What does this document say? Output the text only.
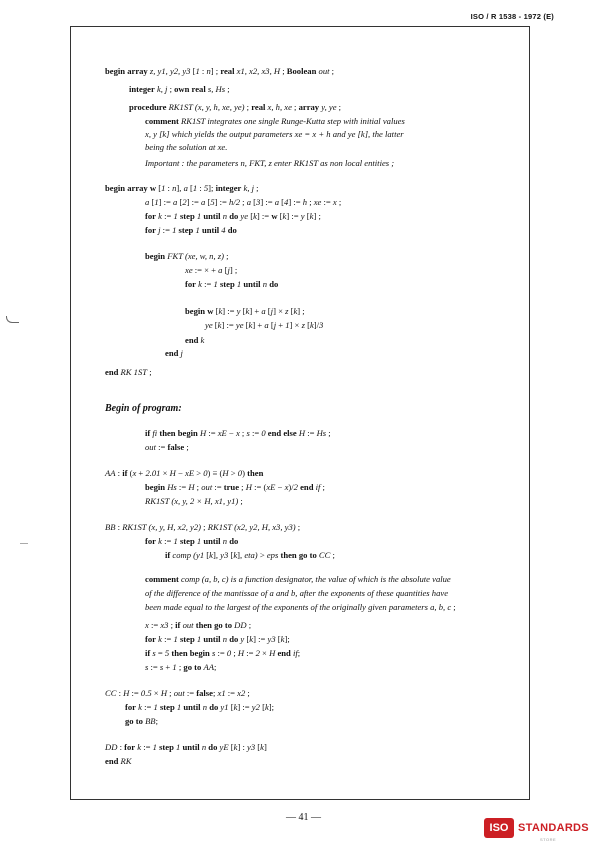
ISO / R 1538 - 1972 (E)
Begin of program:
begin array z, y1, y2, y3 [1 : n] ; real x1, x2, x3, H ; Boolean out ;
integer k, j ; own real s, Hs ;
procedure RK1ST (x, y, h, xe, ye) ; real x, h, xe ; array y, ye ;
comment RK1ST integrates one single Runge-Kutta step with initial values
x, y [k] which yields the output parameters xe = x + h and ye [k], the latter
being the solution at xe.
Important : the parameters n, FKT, z enter RK1ST as non local entities ;
begin array w [1 : n], a [1 : 5]; integer k, j ;
a [1] := a [2] := a [5] := h/2 ; a [3] := a [4] := h ; xe := x ;
for k := 1 step 1 until n do ye [k] := w [k] := y [k] ;
for j := 1 step 1 until 4 do
begin FKT (xe, w, n, z) ;
xe := × + a [j] ;
for k := 1 step 1 until n do
begin w [k] := y [k] + a [j] × z [k] ;
ye [k] := ye [k] + a [j + 1] × z [k]/3
end k
end j
end RK 1ST ;
if fi then begin H := xE − x ; s := 0 end else H := Hs ;
out := false ;
AA : if (x + 2.01 × H − xE > 0) ≡ (H > 0) then
begin Hs := H ; out := true ; H := (xE − x)/2 end if ;
RK1ST (x, y, 2 × H, x1, y1) ;
BB : RK1ST (x, y, H, x2, y2) ; RK1ST (x2, y2, H, x3, y3) ;
for k := 1 step 1 until n do
if comp (y1 [k], y3 [k], eta) > eps then go to CC ;
comment comp (a, b, c) is a function designator, the value of which is the absolute value
of the difference of the mantissae of a and b, after the exponents of these quantities have
been made equal to the largest of the exponents of the originally given parameters a, b, c ;
x := x3 ; if out then go to DD ;
for k := 1 step 1 until n do y [k] := y3 [k];
if s = 5 then begin s := 0 ; H := 2 × H end if;
s := s + 1 ; go to AA;
CC : H := 0.5 × H ; out := false; x1 := x2 ;
for k := 1 step 1 until n do y1 [k] := y2 [k];
go to BB;
DD : for k := 1 step 1 until n do yE [k] : y3 [k]
end RK
— 41 —
ISO STANDARDS
STORE
